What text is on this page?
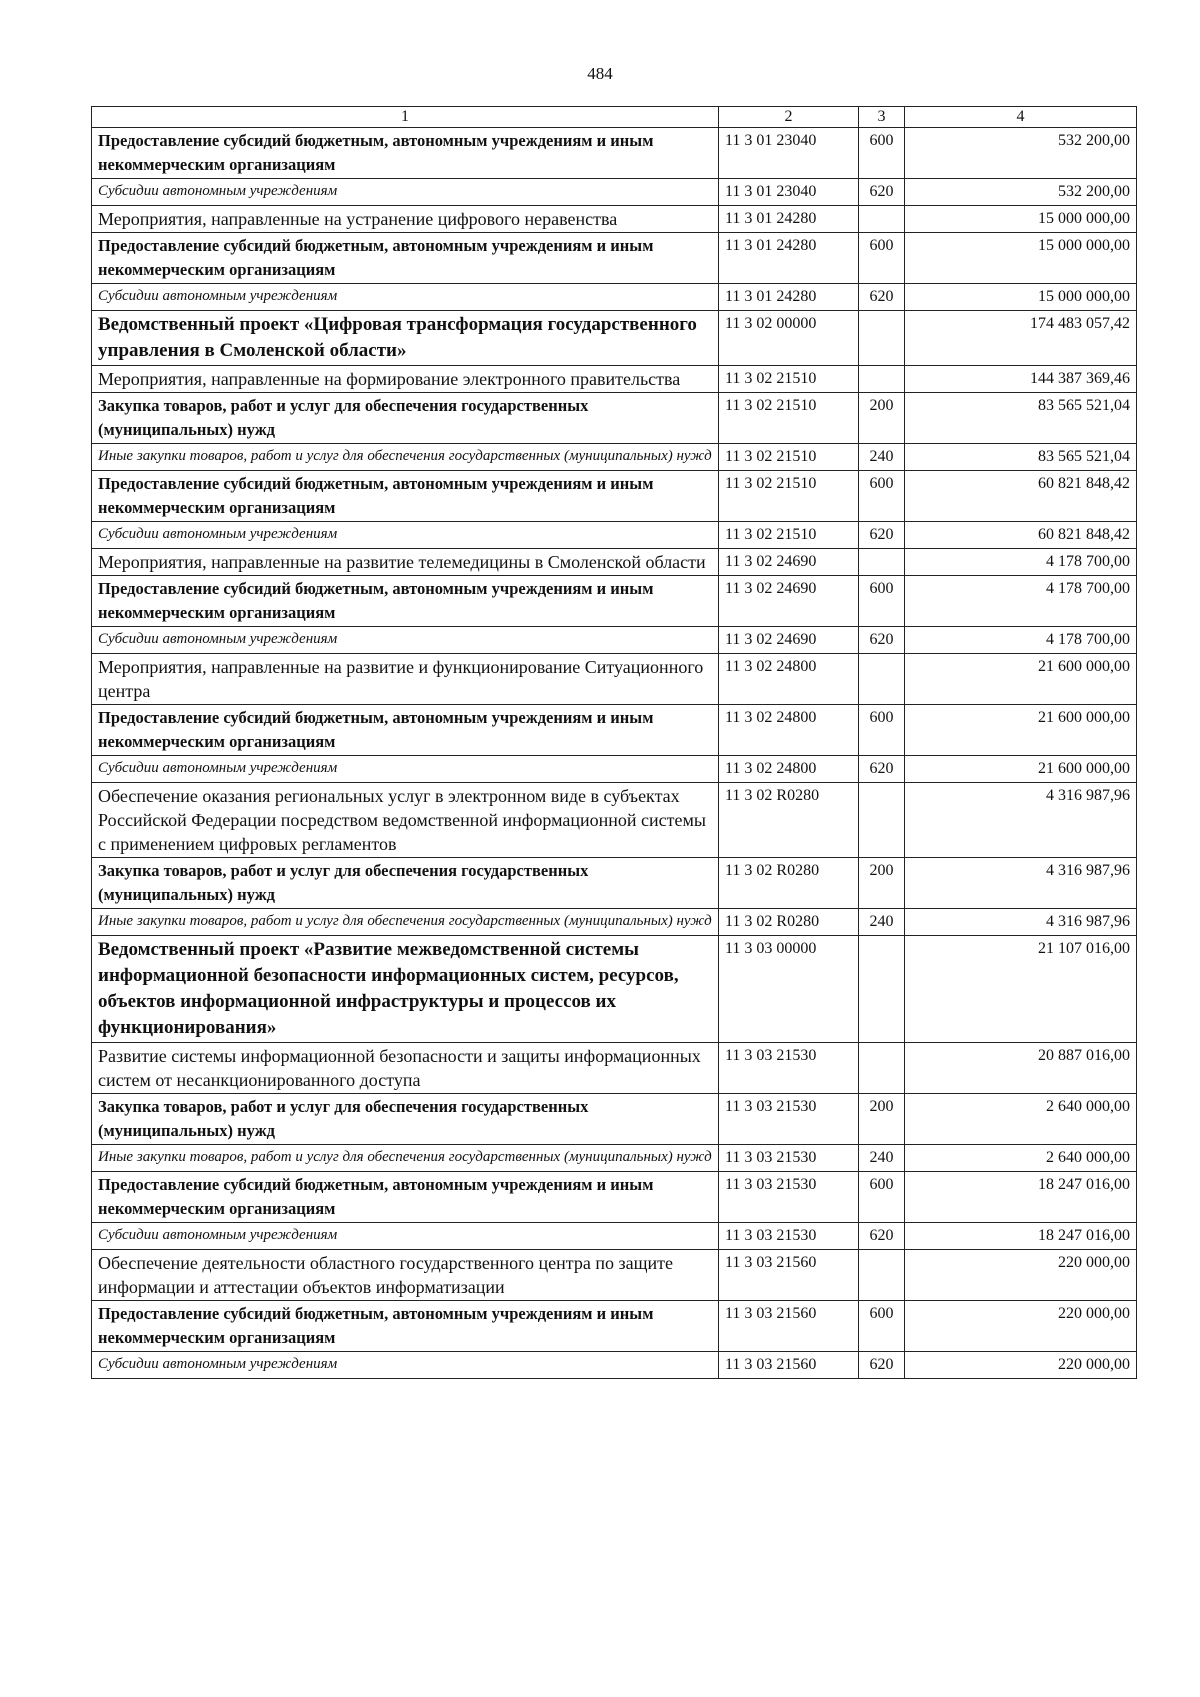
484
1	2	3	4
Предоставление субсидий бюджетным, автономным учреждениям и иным некоммерческим организациям	11 3 01 23040	600	532 200,00
Субсидии автономным учреждениям	11 3 01 23040	620	532 200,00
Мероприятия, направленные на устранение цифрового неравенства	11 3 01 24280		15 000 000,00
Предоставление субсидий бюджетным, автономным учреждениям и иным некоммерческим организациям	11 3 01 24280	600	15 000 000,00
Субсидии автономным учреждениям	11 3 01 24280	620	15 000 000,00
Ведомственный проект «Цифровая трансформация государственного управления в Смоленской области»	11 3 02 00000		174 483 057,42
Мероприятия, направленные на формирование электронного правительства	11 3 02 21510		144 387 369,46
Закупка товаров, работ и услуг для обеспечения государственных (муниципальных) нужд	11 3 02 21510	200	83 565 521,04
Иные закупки товаров, работ и услуг для обеспечения государственных (муниципальных) нужд	11 3 02 21510	240	83 565 521,04
Предоставление субсидий бюджетным, автономным учреждениям и иным некоммерческим организациям	11 3 02 21510	600	60 821 848,42
Субсидии автономным учреждениям	11 3 02 21510	620	60 821 848,42
Мероприятия, направленные на развитие телемедицины в Смоленской области	11 3 02 24690		4 178 700,00
Предоставление субсидий бюджетным, автономным учреждениям и иным некоммерческим организациям	11 3 02 24690	600	4 178 700,00
Субсидии автономным учреждениям	11 3 02 24690	620	4 178 700,00
Мероприятия, направленные на развитие и функционирование Ситуационного центра	11 3 02 24800		21 600 000,00
Предоставление субсидий бюджетным, автономным учреждениям и иным некоммерческим организациям	11 3 02 24800	600	21 600 000,00
Субсидии автономным учреждениям	11 3 02 24800	620	21 600 000,00
Обеспечение оказания региональных услуг в электронном виде в субъектах Российской Федерации посредством ведомственной информационной системы с применением цифровых регламентов	11 3 02 R0280		4 316 987,96
Закупка товаров, работ и услуг для обеспечения государственных (муниципальных) нужд	11 3 02 R0280	200	4 316 987,96
Иные закупки товаров, работ и услуг для обеспечения государственных (муниципальных) нужд	11 3 02 R0280	240	4 316 987,96
Ведомственный проект «Развитие межведомственной системы информационной безопасности информационных систем, ресурсов, объектов информационной инфраструктуры и процессов их функционирования»	11 3 03 00000		21 107 016,00
Развитие системы информационной безопасности и защиты информационных систем от несанкционированного доступа	11 3 03 21530		20 887 016,00
Закупка товаров, работ и услуг для обеспечения государственных (муниципальных) нужд	11 3 03 21530	200	2 640 000,00
Иные закупки товаров, работ и услуг для обеспечения государственных (муниципальных) нужд	11 3 03 21530	240	2 640 000,00
Предоставление субсидий бюджетным, автономным учреждениям и иным некоммерческим организациям	11 3 03 21530	600	18 247 016,00
Субсидии автономным учреждениям	11 3 03 21530	620	18 247 016,00
Обеспечение деятельности областного государственного центра по защите информации и аттестации объектов информатизации	11 3 03 21560		220 000,00
Предоставление субсидий бюджетным, автономным учреждениям и иным некоммерческим организациям	11 3 03 21560	600	220 000,00
Субсидии автономным учреждениям	11 3 03 21560	620	220 000,00
